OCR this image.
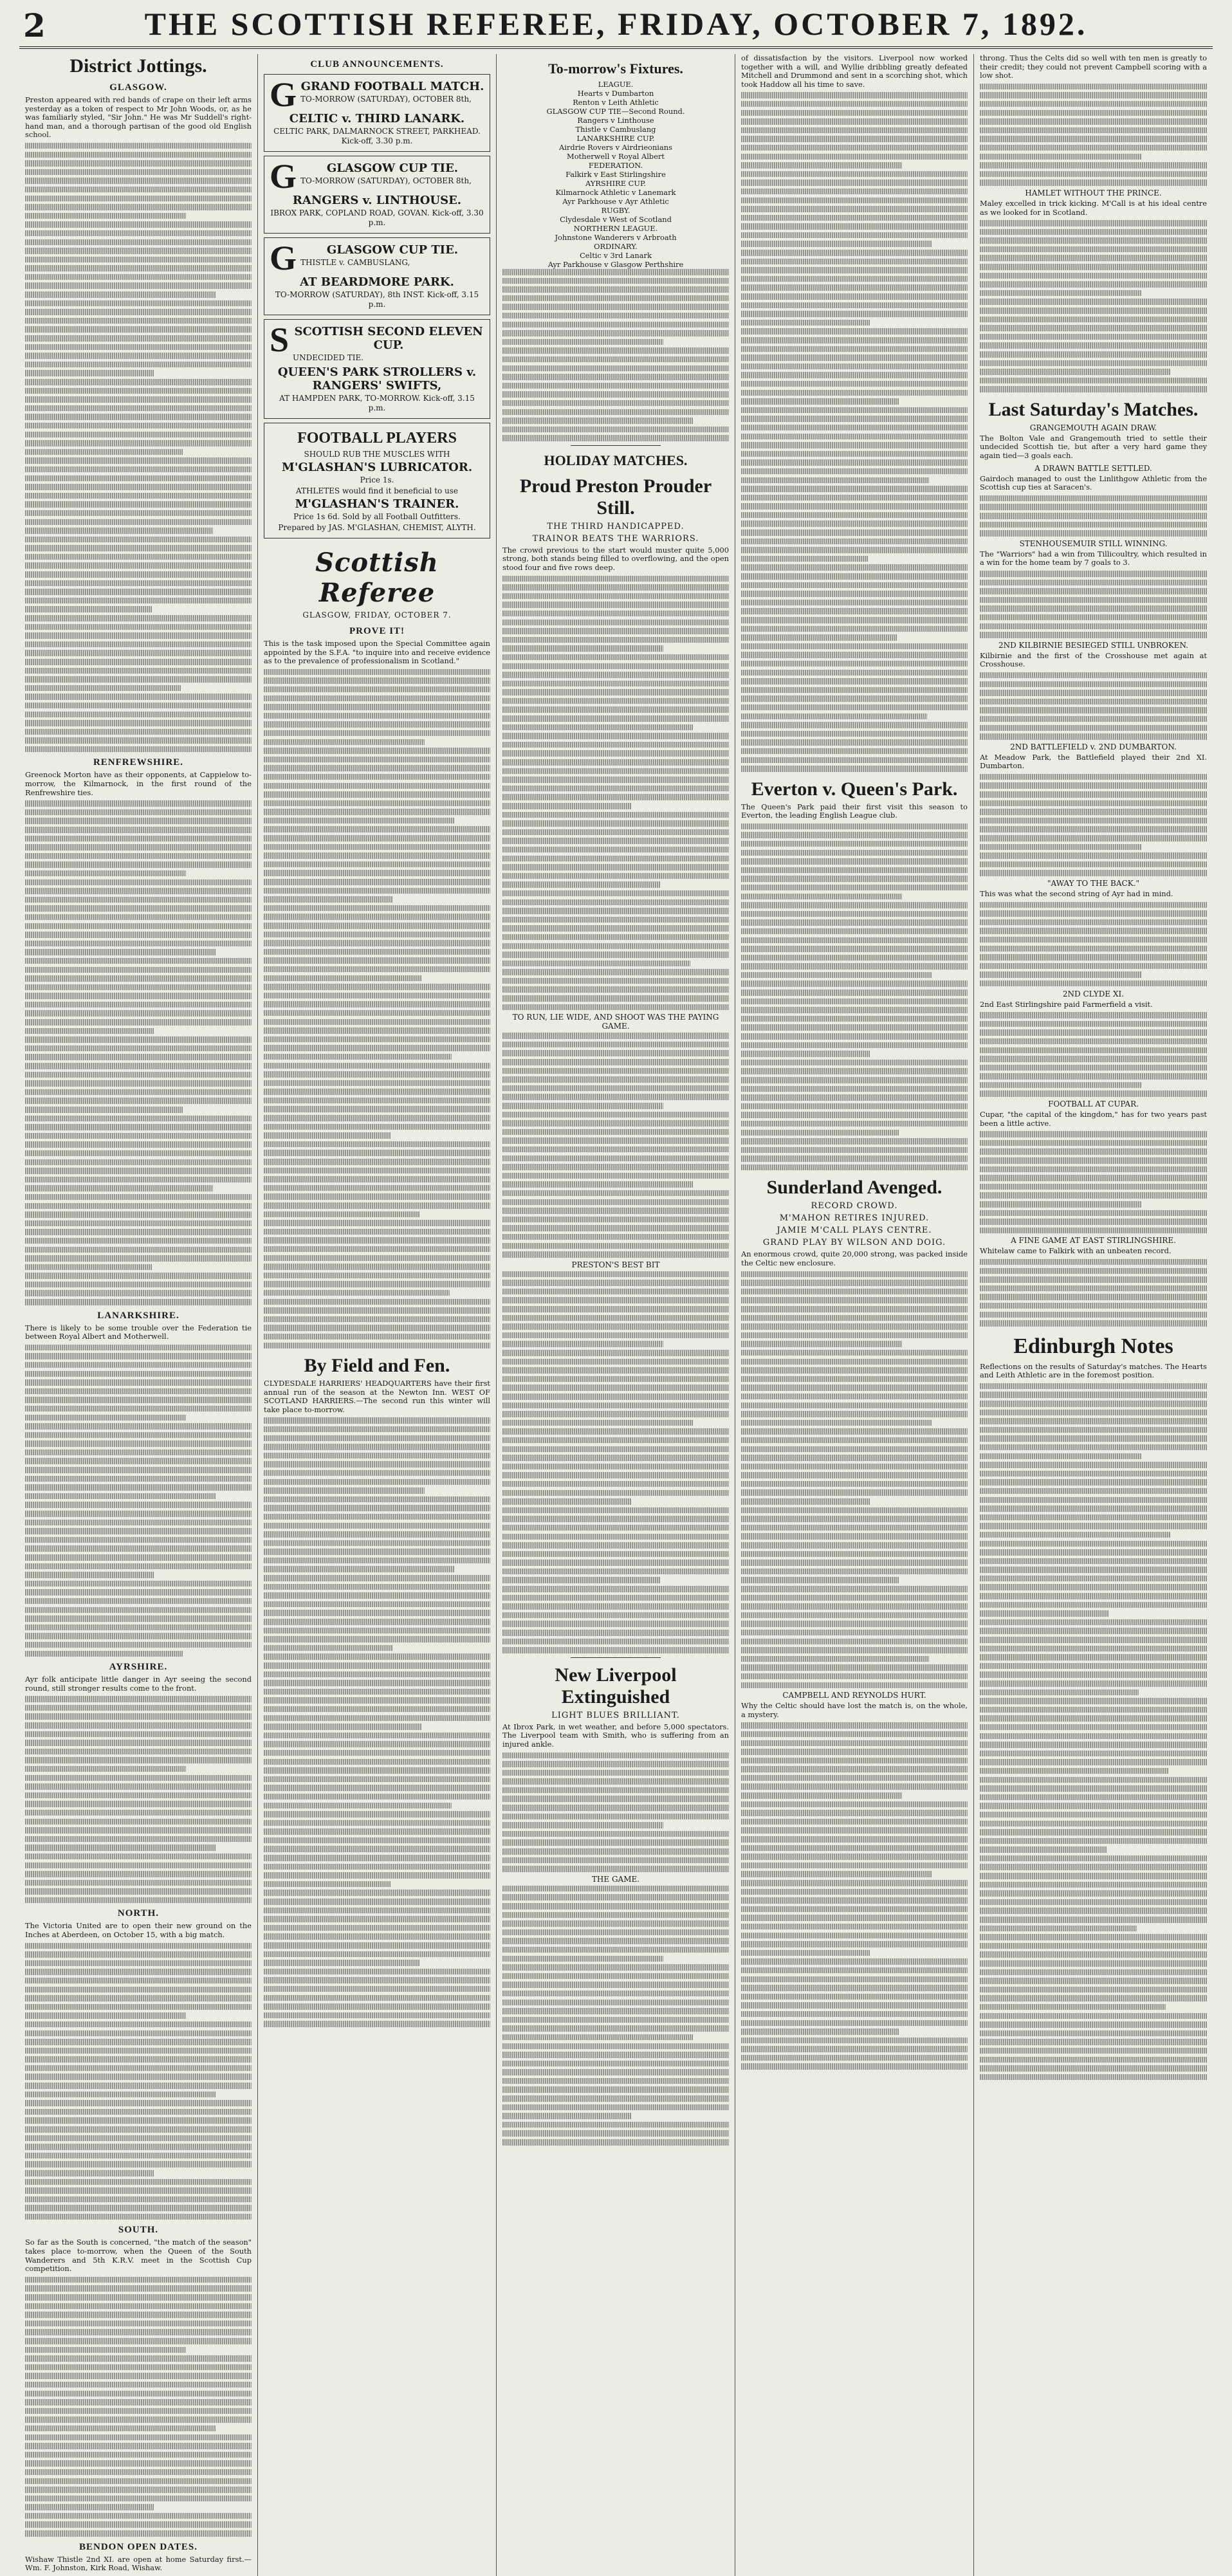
2	THE SCOTTISH REFEREE, FRIDAY, OCTOBER 7, 1892.
District Jottings.
GLASGOW.

Preston appeared with red bands of crape on their left arms yesterday as a token of respect to Mr John Woods, or, as he was familiarly styled, "Sir John." He was Mr Suddell's right-hand man, and a thorough partisan of the good old English school.

RENFREWSHIRE.

Greenock Morton have as their opponents, at Cappielow to-morrow, the Kilmarnock, in the first round of the Renfrewshire ties.

LANARKSHIRE.

There is likely to be some trouble over the Federation tie between Royal Albert and Motherwell.

AYRSHIRE.

Ayr folk anticipate little danger in Ayr seeing the second round, still stronger results come to the front.

NORTH.

The Victoria United are to open their new ground on the Inches at Aberdeen, on October 15, with a big match.

SOUTH.

So far as the South is concerned, "the match of the season" takes place to-morrow, when the Queen of the South Wanderers and 5th K.R.V. meet in the Scottish Cup competition.

BENDON OPEN DATES.

Wishaw Thistle 2nd XI. are open at home Saturday first.—Wm. F. Johnston, Kirk Road, Wishaw.

CLUB ANNOUNCEMENTS.
G GRAND FOOTBALL MATCH.
TO-MORROW (SATURDAY), OCTOBER 8th,
CELTIC v. THIRD LANARK.
CELTIC PARK, DALMARNOCK STREET, PARKHEAD. Kick-off, 3.30 p.m.
G	GLASGOW CUP TIE.
TO-MORROW (SATURDAY), OCTOBER 8th,
RANGERS v. LINTHOUSE.
IBROX PARK, COPLAND ROAD, GOVAN. Kick-off, 3.30 p.m.
G	GLASGOW CUP TIE.
THISTLE v. CAMBUSLANG,
AT BEARDMORE PARK.
TO-MORROW (SATURDAY), 8th INST. Kick-off, 3.15 p.m.
S SCOTTISH SECOND ELEVEN CUP.
UNDECIDED TIE.
QUEEN'S PARK STROLLERS v. RANGERS' SWIFTS,
AT HAMPDEN PARK, TO-MORROW. Kick-off, 3.15 p.m.
FOOTBALL PLAYERS
SHOULD RUB THE MUSCLES WITH
M'GLASHAN'S LUBRICATOR.
Price 1s.
ATHLETES would find it beneficial to use
M'GLASHAN'S TRAINER.
Price 1s 6d. Sold by all Football Outfitters.
Prepared by JAS. M'GLASHAN, CHEMIST, ALYTH.
Scottish Referee
GLASGOW, FRIDAY, OCTOBER 7.
PROVE IT!

This is the task imposed upon the Special Committee again appointed by the S.F.A. "to inquire into and receive evidence as to the prevalence of professionalism in Scotland."

By Field and Fen.

CLYDESDALE HARRIERS' HEADQUARTERS have their first annual run of the season at the Newton Inn. WEST OF SCOTLAND HARRIERS.—The second run this winter will take place to-morrow.

To-morrow's Fixtures.
LEAGUE.
Hearts v Dumbarton
Renton v Leith Athletic
GLASGOW CUP TIE—Second Round.
Rangers v Linthouse
Thistle v Cambuslang
LANARKSHIRE CUP.
Airdrie Rovers v Airdrieonians
Motherwell v Royal Albert
FEDERATION.
Falkirk v East Stirlingshire
AYRSHIRE CUP.
Kilmarnock Athletic v Lanemark
Ayr Parkhouse v Ayr Athletic
RUGBY.
Clydesdale v West of Scotland
NORTHERN LEAGUE.
Johnstone Wanderers v Arbroath
ORDINARY.
Celtic v 3rd Lanark
Ayr Parkhouse v Glasgow Perthshire
HOLIDAY MATCHES.
Proud Preston Prouder Still.
THE THIRD HANDICAPPED.
TRAINOR BEATS THE WARRIORS.

The crowd previous to the start would muster quite 5,000 strong, both stands being filled to overflowing, and the open stood four and five rows deep.

TO RUN, LIE WIDE, AND SHOOT WAS THE PAYING GAME.
PRESTON'S BEST BIT
New Liverpool Extinguished
LIGHT BLUES BRILLIANT.

At Ibrox Park, in wet weather, and before 5,000 spectators. The Liverpool team with Smith, who is suffering from an injured ankle.

THE GAME.

of dissatisfaction by the visitors. Liverpool now worked together with a will, and Wyllie dribbling greatly defeated Mitchell and Drummond and sent in a scorching shot, which took Haddow all his time to save.

Everton v. Queen's Park.

The Queen's Park paid their first visit this season to Everton, the leading English League club.

Sunderland Avenged.
RECORD CROWD.
M'MAHON RETIRES INJURED.
JAMIE M'CALL PLAYS CENTRE.
GRAND PLAY BY WILSON AND DOIG.

An enormous crowd, quite 20,000 strong, was packed inside the Celtic new enclosure.

CAMPBELL AND REYNOLDS HURT.

Why the Celtic should have lost the match is, on the whole, a mystery.

throng. Thus the Celts did so well with ten men is greatly to their credit; they could not prevent Campbell scoring with a low shot.

HAMLET WITHOUT THE PRINCE.

Maley excelled in trick kicking. M'Call is at his ideal centre as we looked for in Scotland.

Last Saturday's Matches.
GRANGEMOUTH AGAIN DRAW.

The Bolton Vale and Grangemouth tried to settle their undecided Scottish tie, but after a very hard game they again tied—3 goals each.

A DRAWN BATTLE SETTLED.

Gairdoch managed to oust the Linlithgow Athletic from the Scottish cup ties at Saracen's.

STENHOUSEMUIR STILL WINNING.

The "Warriors" had a win from Tillicoultry, which resulted in a win for the home team by 7 goals to 3.

2ND KILBIRNIE BESIEGED STILL UNBROKEN.

Kilbirnie and the first of the Crosshouse met again at Crosshouse.

2ND BATTLEFIELD v. 2ND DUMBARTON.

At Meadow Park, the Battlefield played their 2nd XI. Dumbarton.

"AWAY TO THE BACK."

This was what the second string of Ayr had in mind.

2ND CLYDE XI.

2nd East Stirlingshire paid Farmerfield a visit.

FOOTBALL AT CUPAR.

Cupar, "the capital of the kingdom," has for two years past been a little active.

A FINE GAME AT EAST STIRLINGSHIRE.

Whitelaw came to Falkirk with an unbeaten record.

Edinburgh Notes

Reflections on the results of Saturday's matches. The Hearts and Leith Athletic are in the foremost position.
